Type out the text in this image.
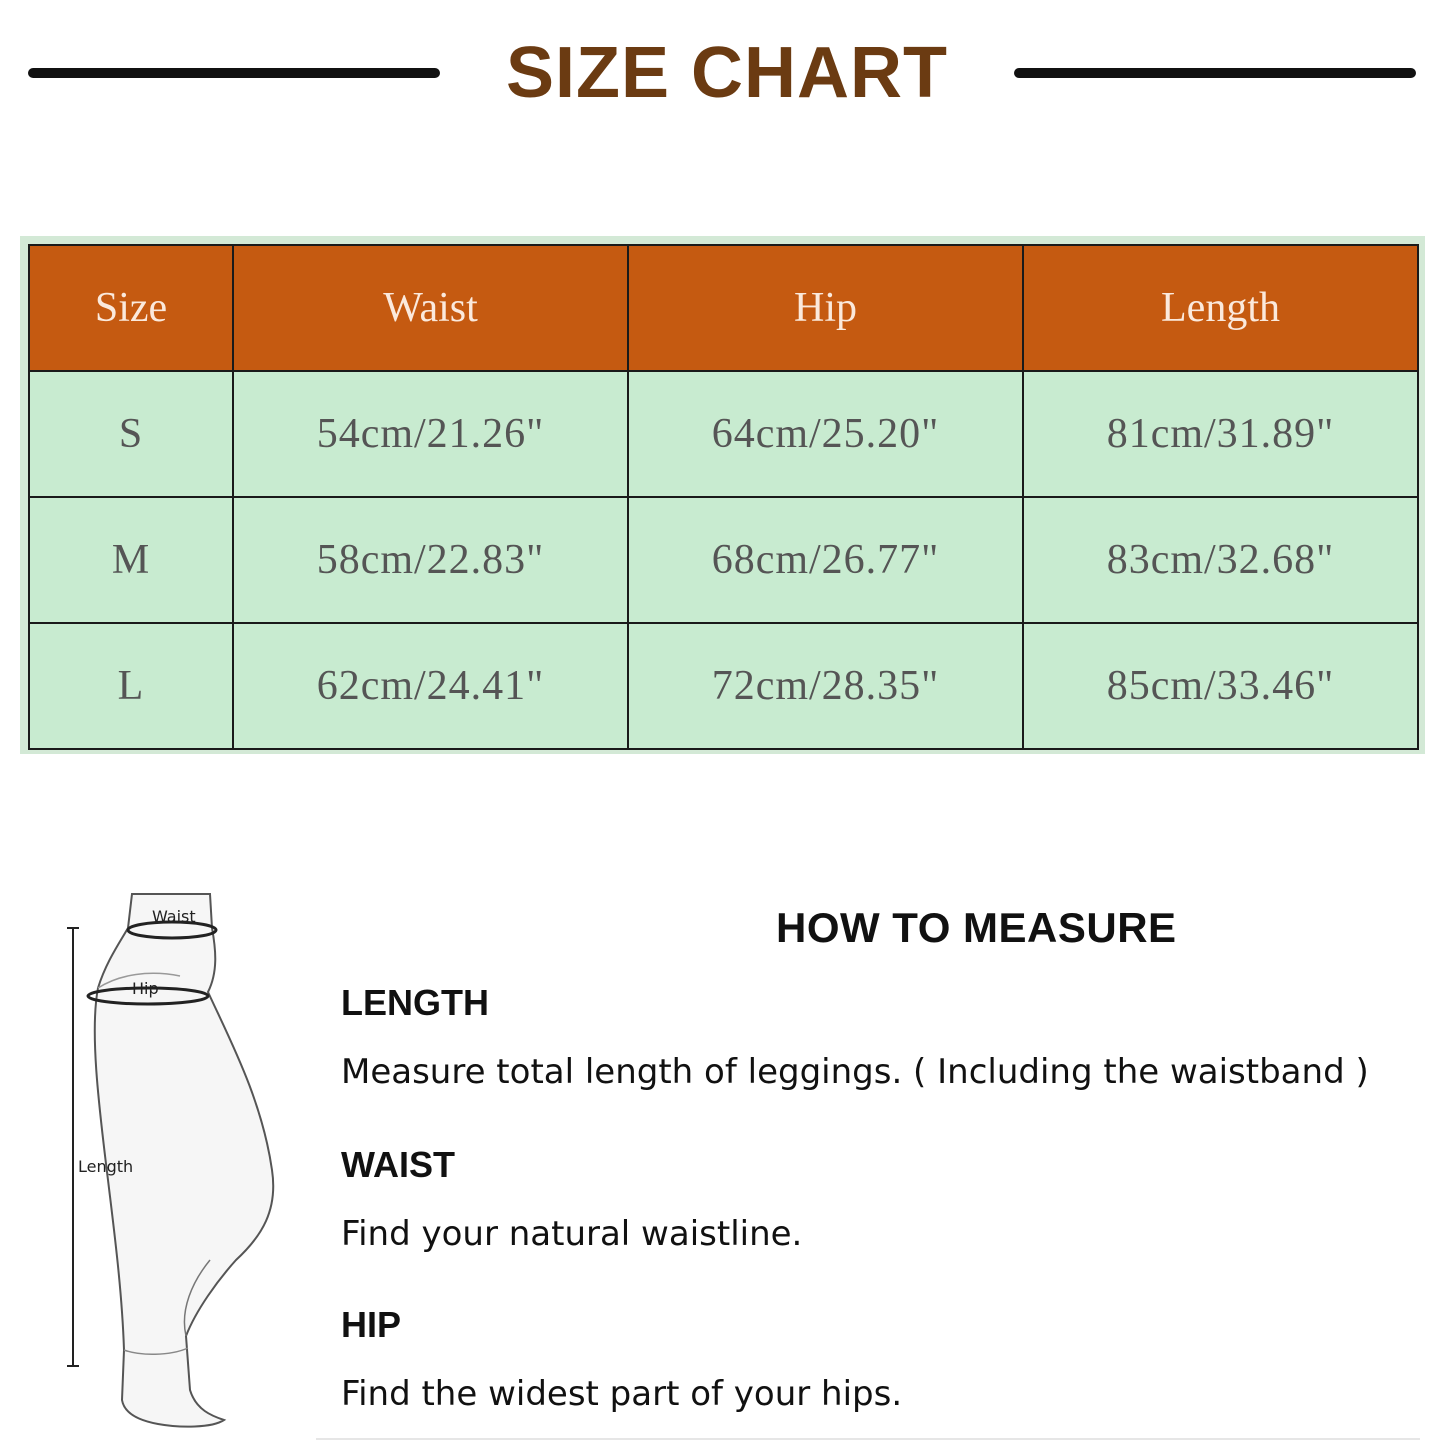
SIZE CHART
Size	Waist	Hip	Length
S	54cm/21.26"	64cm/25.20"	81cm/31.89"
M	58cm/22.83"	68cm/26.77"	83cm/32.68"
L	62cm/24.41"	72cm/28.35"	85cm/33.46"
Waist
Hip
Length
HOW TO MEASURE
LENGTH
Measure total length of leggings. ( Including the waistband )
WAIST
Find your natural waistline.
HIP
Find the widest part of your hips.
